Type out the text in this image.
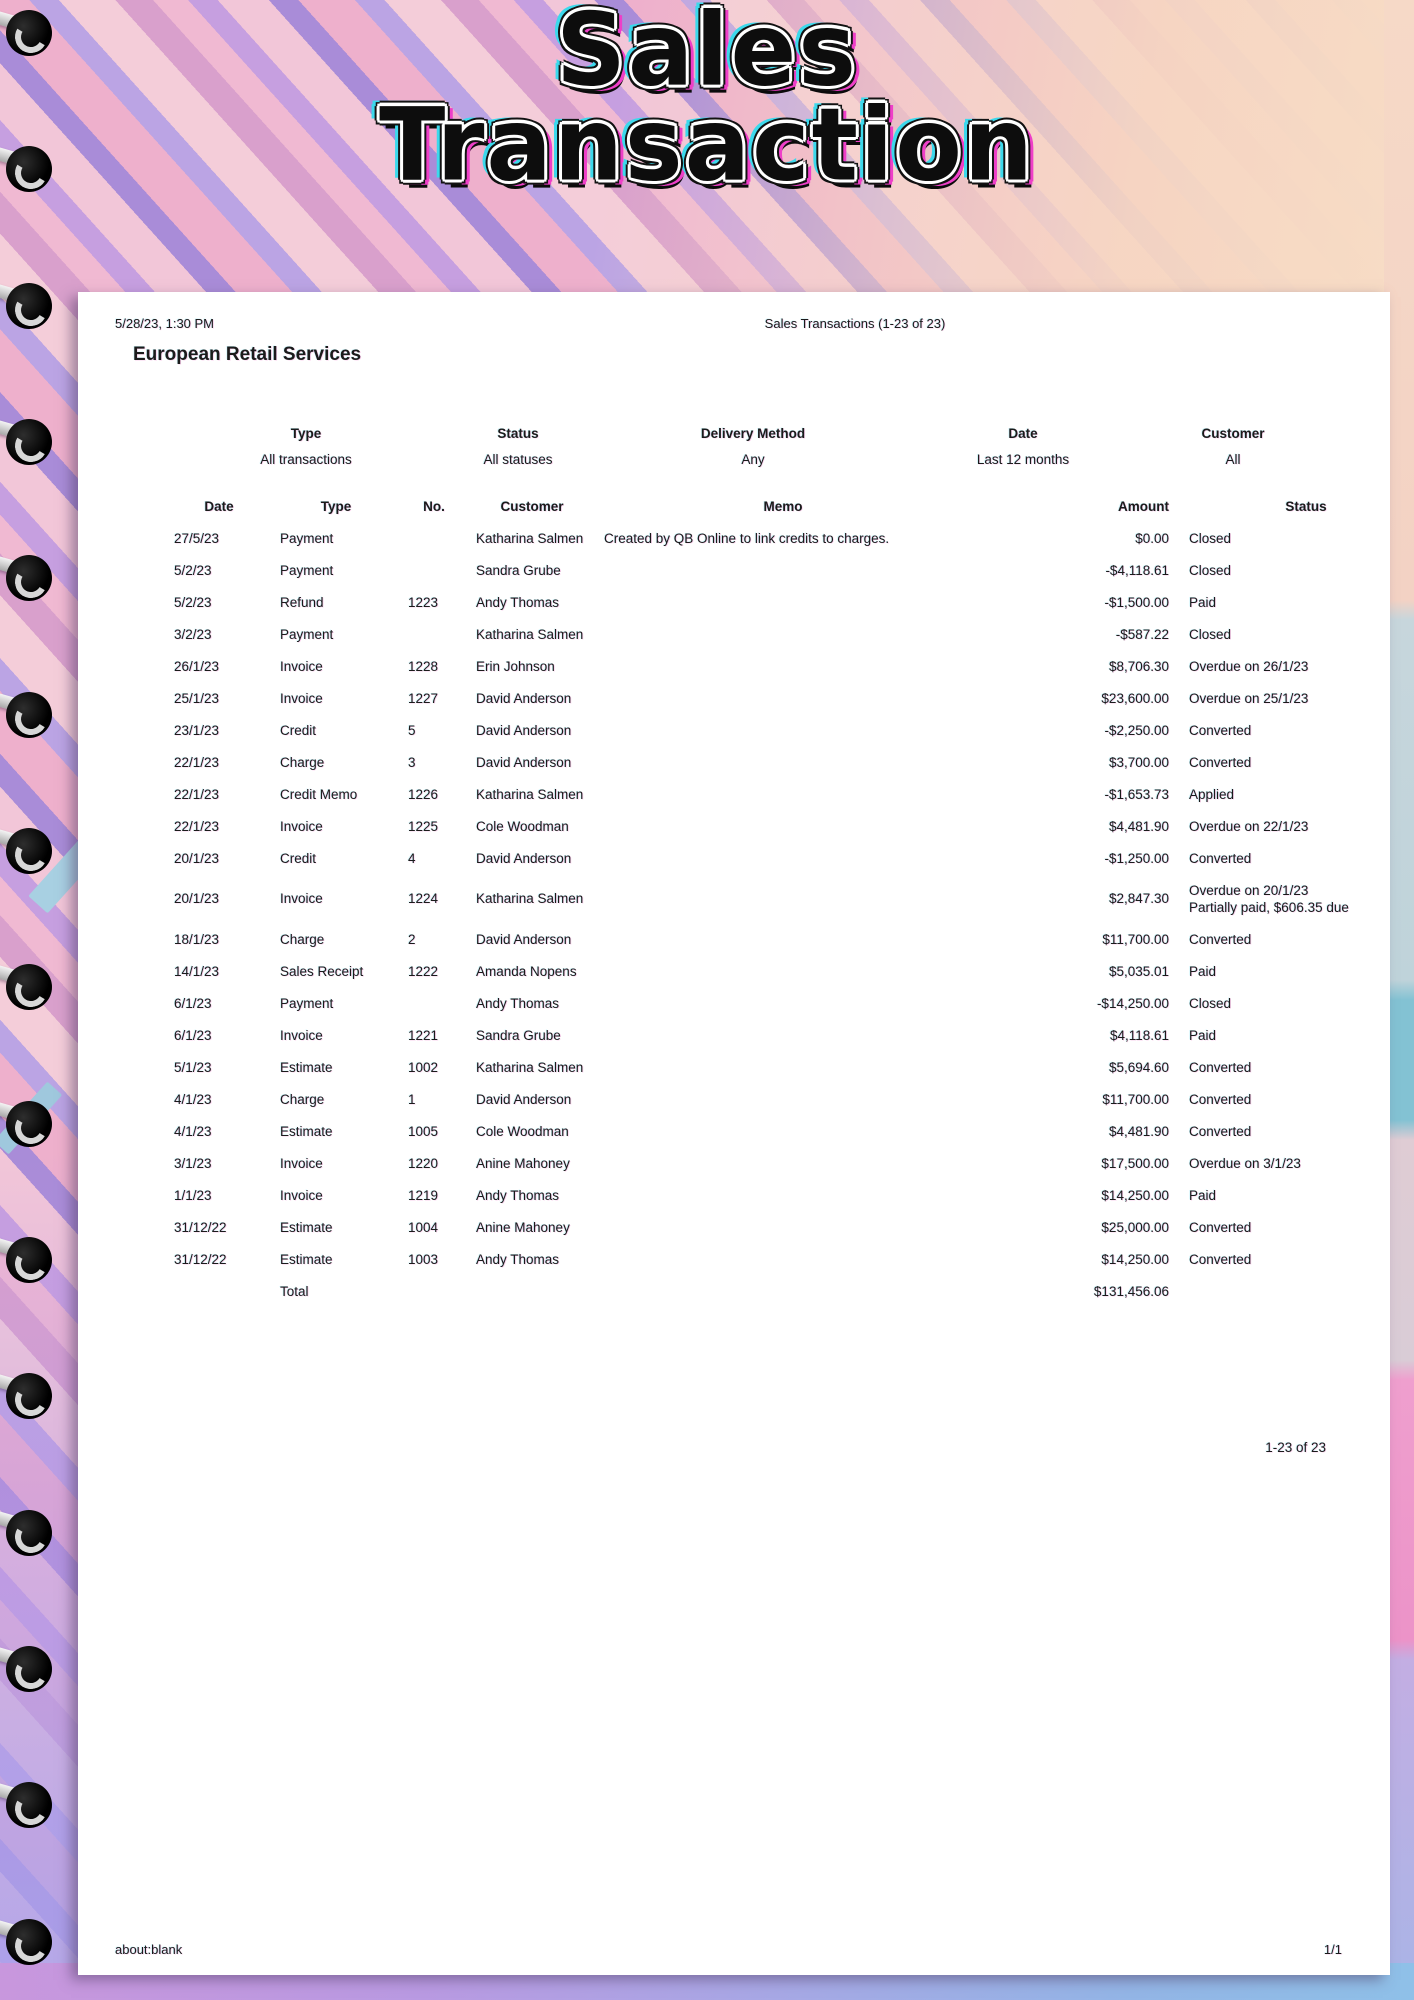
Sales
Transaction
5/28/23, 1:30 PM	Sales Transactions (1-23 of 23)
European Retail Services
Type
All transactions
Status
All statuses
Delivery Method
Any
Date
Last 12 months
Customer
All
Date	Type	No.	Customer	Memo	Amount	Status
27/5/23	Payment		Katharina Salmen	Created by QB Online to link credits to charges.	$0.00	Closed

5/2/23	Payment		Sandra Grube		-$4,118.61	Closed

5/2/23	Refund	1223	Andy Thomas		-$1,500.00	Paid

3/2/23	Payment		Katharina Salmen		-$587.22	Closed

26/1/23	Invoice	1228	Erin Johnson		$8,706.30	Overdue on 26/1/23

25/1/23	Invoice	1227	David Anderson		$23,600.00	Overdue on 25/1/23

23/1/23	Credit	5	David Anderson		-$2,250.00	Converted

22/1/23	Charge	3	David Anderson		$3,700.00	Converted

22/1/23	Credit Memo	1226	Katharina Salmen		-$1,653.73	Applied

22/1/23	Invoice	1225	Cole Woodman		$4,481.90	Overdue on 22/1/23

20/1/23	Credit	4	David Anderson		-$1,250.00	Converted

20/1/23	Invoice	1224	Katharina Salmen		$2,847.30	
Overdue on 20/1/23
Partially paid, $606.35 due

18/1/23	Charge	2	David Anderson		$11,700.00	Converted

14/1/23	Sales Receipt	1222	Amanda Nopens		$5,035.01	Paid

6/1/23	Payment		Andy Thomas		-$14,250.00	Closed

6/1/23	Invoice	1221	Sandra Grube		$4,118.61	Paid

5/1/23	Estimate	1002	Katharina Salmen		$5,694.60	Converted

4/1/23	Charge	1	David Anderson		$11,700.00	Converted

4/1/23	Estimate	1005	Cole Woodman		$4,481.90	Converted

3/1/23	Invoice	1220	Anine Mahoney		$17,500.00	Overdue on 3/1/23

1/1/23	Invoice	1219	Andy Thomas		$14,250.00	Paid

31/12/22	Estimate	1004	Anine Mahoney		$25,000.00	Converted

31/12/22	Estimate	1003	Andy Thomas		$14,250.00	Converted

	Total				$131,456.06	
1-23 of 23
about:blank	1/1
